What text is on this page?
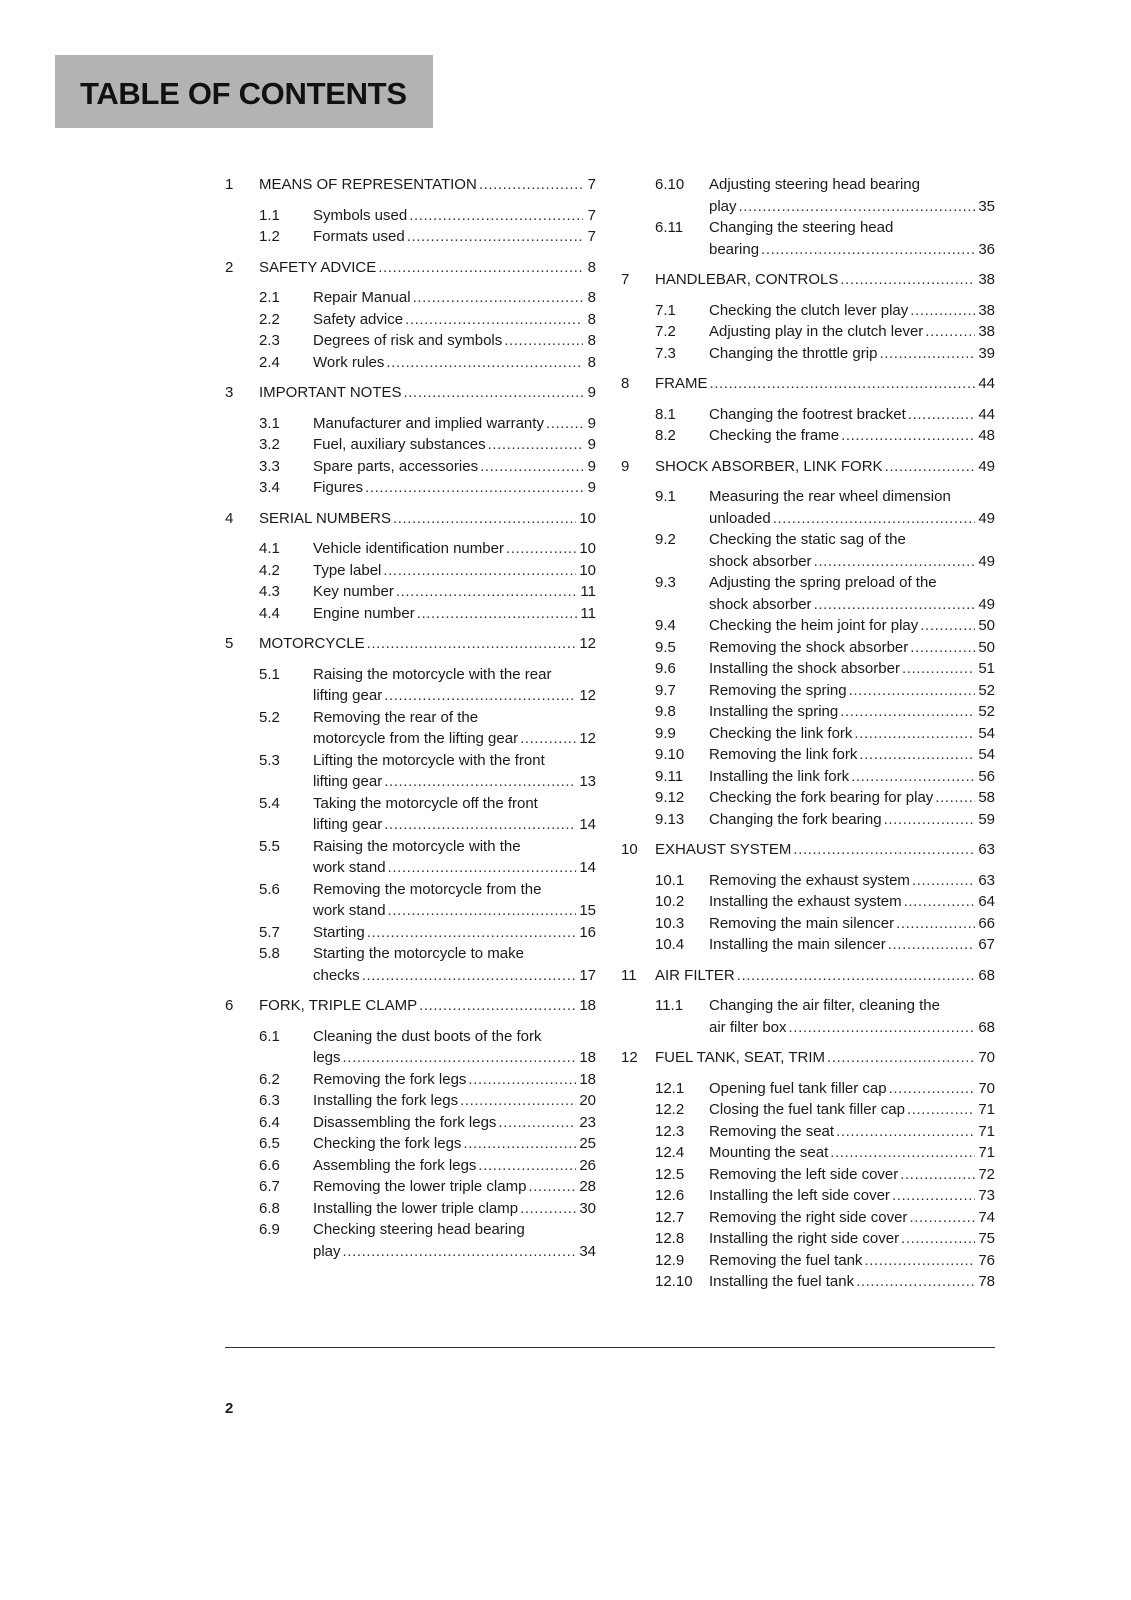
TABLE OF CONTENTS
1	MEANS OF REPRESENTATION .....	7
1.1	Symbols used .....	7
1.2	Formats used .....	7
2	SAFETY ADVICE .....	8
2.1	Repair Manual .....	8
2.2	Safety advice .....	8
2.3	Degrees of risk and symbols .....	8
2.4	Work rules .....	8
3	IMPORTANT NOTES .....	9
3.1	Manufacturer and implied warranty .....	9
3.2	Fuel, auxiliary substances .....	9
3.3	Spare parts, accessories .....	9
3.4	Figures .....	9
4	SERIAL NUMBERS .....	10
4.1	Vehicle identification number .....	10
4.2	Type label .....	10
4.3	Key number .....	11
4.4	Engine number .....	11
5	MOTORCYCLE .....	12
5.1	Raising the motorcycle with the rear
lifting gear .....	12
5.2	Removing the rear of the
motorcycle from the lifting gear .....	12
5.3	Lifting the motorcycle with the front
lifting gear .....	13
5.4	Taking the motorcycle off the front
lifting gear .....	14
5.5	Raising the motorcycle with the
work stand .....	14
5.6	Removing the motorcycle from the
work stand .....	15
5.7	Starting .....	16
5.8	Starting the motorcycle to make
checks .....	17
6	FORK, TRIPLE CLAMP .....	18
6.1	Cleaning the dust boots of the fork
legs .....	18
6.2	Removing the fork legs .....	18
6.3	Installing the fork legs .....	20
6.4	Disassembling the fork legs .....	23
6.5	Checking the fork legs .....	25
6.6	Assembling the fork legs .....	26
6.7	Removing the lower triple clamp .....	28
6.8	Installing the lower triple clamp .....	30
6.9	Checking steering head bearing
play .....	34
6.10	Adjusting steering head bearing
play .....	35
6.11	Changing the steering head
bearing .....	36
7	HANDLEBAR, CONTROLS .....	38
7.1	Checking the clutch lever play .....	38
7.2	Adjusting play in the clutch lever .....	38
7.3	Changing the throttle grip .....	39
8	FRAME .....	44
8.1	Changing the footrest bracket .....	44
8.2	Checking the frame .....	48
9	SHOCK ABSORBER, LINK FORK .....	49
9.1	Measuring the rear wheel dimension
unloaded .....	49
9.2	Checking the static sag of the
shock absorber .....	49
9.3	Adjusting the spring preload of the
shock absorber .....	49
9.4	Checking the heim joint for play .....	50
9.5	Removing the shock absorber .....	50
9.6	Installing the shock absorber .....	51
9.7	Removing the spring .....	52
9.8	Installing the spring .....	52
9.9	Checking the link fork .....	54
9.10	Removing the link fork .....	54
9.11	Installing the link fork .....	56
9.12	Checking the fork bearing for play .....	58
9.13	Changing the fork bearing .....	59
10	EXHAUST SYSTEM .....	63
10.1	Removing the exhaust system .....	63
10.2	Installing the exhaust system .....	64
10.3	Removing the main silencer .....	66
10.4	Installing the main silencer .....	67
11	AIR FILTER .....	68
11.1	Changing the air filter, cleaning the
air filter box .....	68
12	FUEL TANK, SEAT, TRIM .....	70
12.1	Opening fuel tank filler cap .....	70
12.2	Closing the fuel tank filler cap .....	71
12.3	Removing the seat .....	71
12.4	Mounting the seat .....	71
12.5	Removing the left side cover .....	72
12.6	Installing the left side cover .....	73
12.7	Removing the right side cover .....	74
12.8	Installing the right side cover .....	75
12.9	Removing the fuel tank .....	76
12.10	Installing the fuel tank .....	78
2
